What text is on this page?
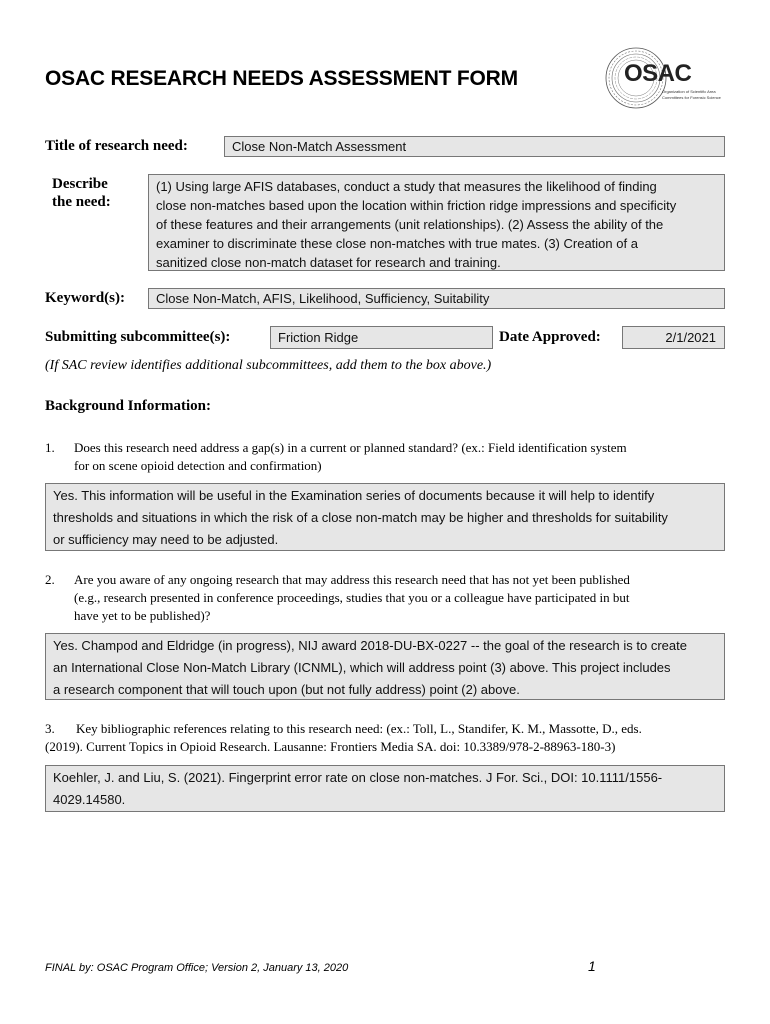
OSAC RESEARCH NEEDS ASSESSMENT FORM	OSAC
Organization of Scientific Area
Committees for Forensic Science
Title of research need:	Close Non-Match Assessment
Describe
the need:
(1) Using large AFIS databases, conduct a study that measures the likelihood of finding
close non-matches based upon the location within friction ridge impressions and specificity
of these features and their arrangements (unit relationships). (2) Assess the ability of the
examiner to discriminate these close non-matches with true mates. (3) Creation of a
sanitized close non-match dataset for research and training.
Keyword(s):	Close Non-Match, AFIS, Likelihood, Sufficiency, Suitability
Submitting subcommittee(s):	Friction Ridge	Date Approved:	2/1/2021
(If SAC review identifies additional subcommittees, add them to the box above.)
Background Information:
1. Does this research need address a gap(s) in a current or planned standard? (ex.: Field identification system
for on scene opioid detection and confirmation)
Yes. This information will be useful in the Examination series of documents because it will help to identify
thresholds and situations in which the risk of a close non-match may be higher and thresholds for suitability
or sufficiency may need to be adjusted.
2. Are you aware of any ongoing research that may address this research need that has not yet been published
(e.g., research presented in conference proceedings, studies that you or a colleague have participated in but
have yet to be published)?
Yes. Champod and Eldridge (in progress), NIJ award 2018-DU-BX-0227 -- the goal of the research is to create
an International Close Non-Match Library (ICNML), which will address point (3) above. This project includes
a research component that will touch upon (but not fully address) point (2) above.
3. Key bibliographic references relating to this research need: (ex.: Toll, L., Standifer, K. M., Massotte, D., eds.
(2019). Current Topics in Opioid Research. Lausanne: Frontiers Media SA. doi: 10.3389/978-2-88963-180-3)
Koehler, J. and Liu, S. (2021). Fingerprint error rate on close non-matches. J For. Sci., DOI: 10.1111/1556-
4029.14580.
FINAL by: OSAC Program Office; Version 2, January 13, 2020	1
